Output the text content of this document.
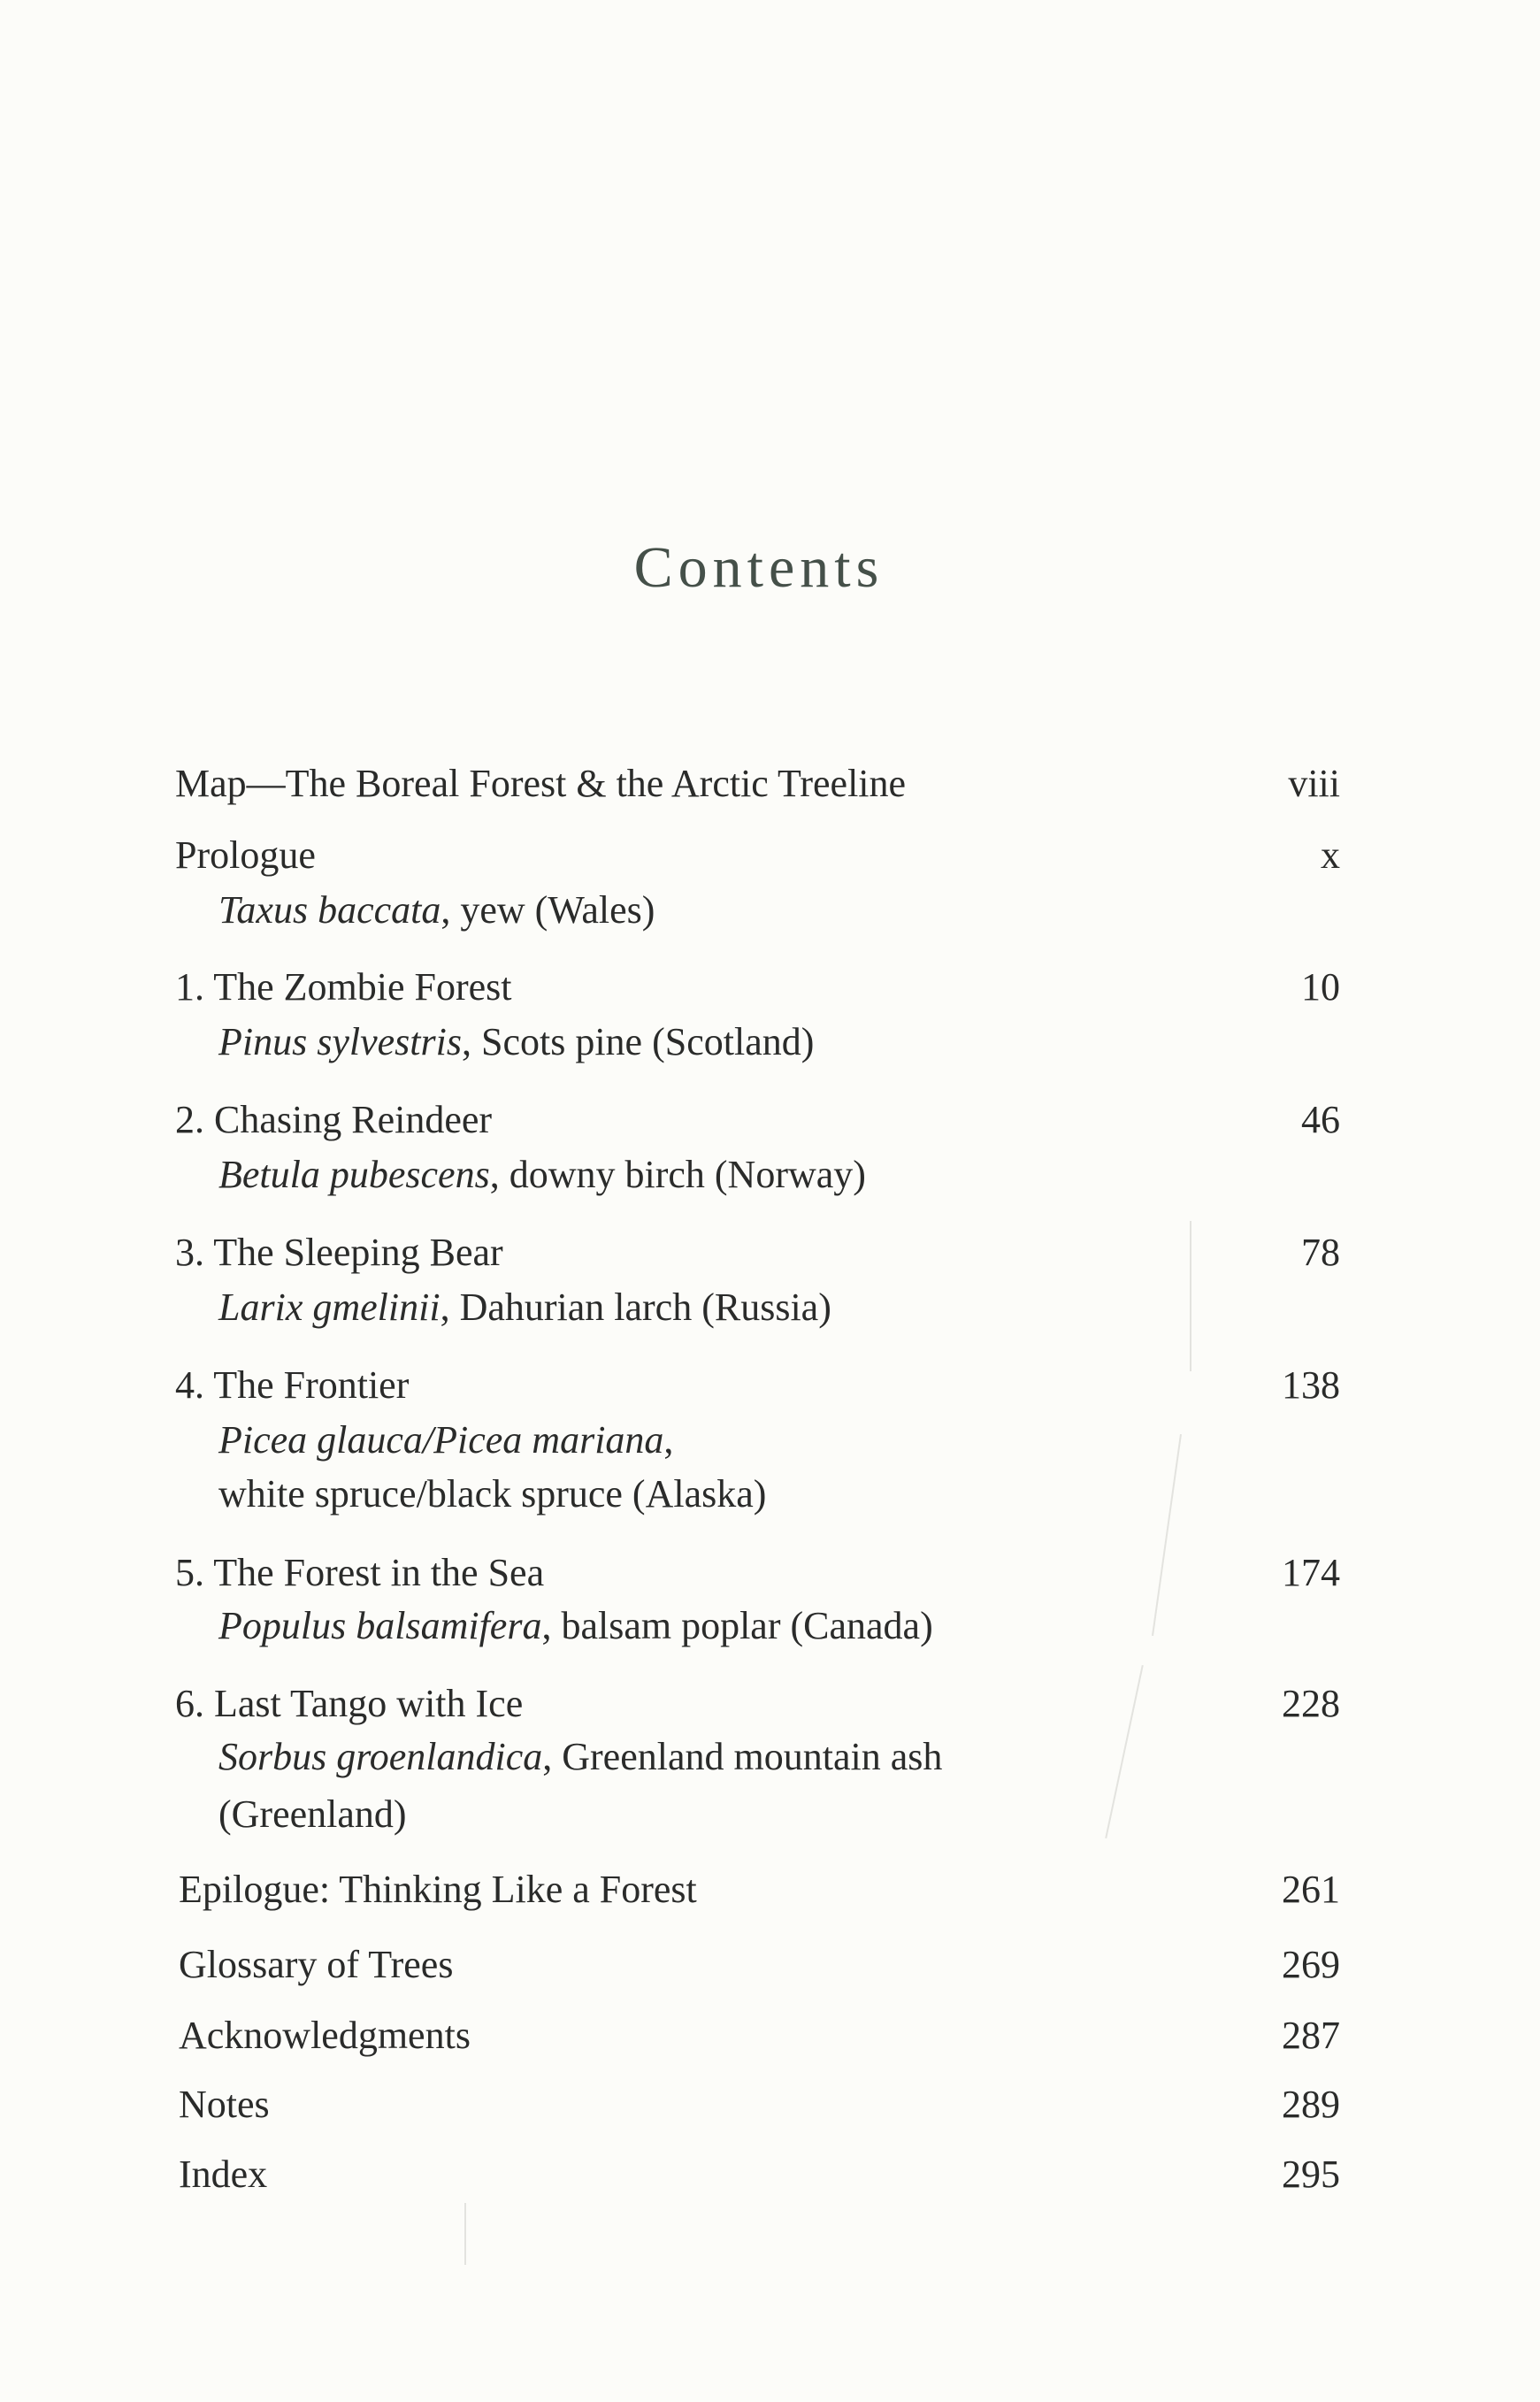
Contents
Map—The Boreal Forest & the Arctic Treeline	viii
Prologue	x
Taxus baccata, yew (Wales)
1. The Zombie Forest	10
Pinus sylvestris, Scots pine (Scotland)
2. Chasing Reindeer	46
Betula pubescens, downy birch (Norway)
3. The Sleeping Bear	78
Larix gmelinii, Dahurian larch (Russia)
4. The Frontier	138
Picea glauca/Picea mariana,
white spruce/black spruce (Alaska)
5. The Forest in the Sea	174
Populus balsamifera, balsam poplar (Canada)
6. Last Tango with Ice	228
Sorbus groenlandica, Greenland mountain ash
(Greenland)
Epilogue: Thinking Like a Forest	261
Glossary of Trees	269
Acknowledgments	287
Notes	289
Index	295
